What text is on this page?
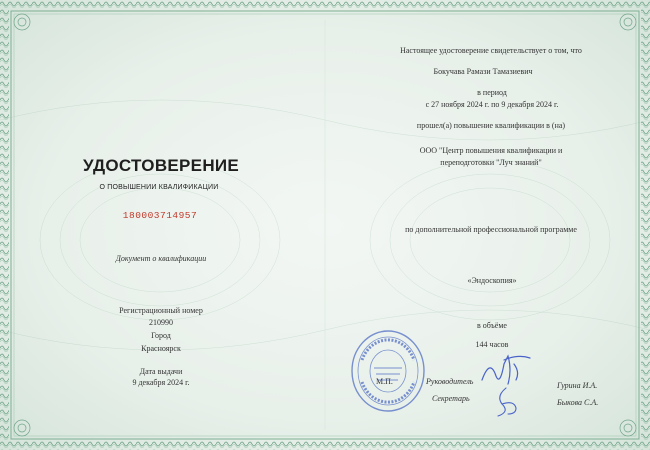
УДОСТОВЕРЕНИЕ
О ПОВЫШЕНИИ КВАЛИФИКАЦИИ
180003714957
Документ о квалификации
Регистрационный номер
210990
Город
Красноярск
Дата выдачи
9 декабря 2024 г.
Настоящее удостоверение свидетельствует о том, что
Бокучава Рамази Тамазиевич
в период
с 27 ноября 2024 г. по 9 декабря 2024 г.
прошел(а) повышение квалификации в (на)
ООО "Центр повышения квалификации и
переподготовки "Луч знаний"
по дополнительной профессиональной программе
«Эндоскопия»
в объёме
144 часов
М.П.	Руководитель
Секретарь
Гурина И.А.
Быкова С.А.
